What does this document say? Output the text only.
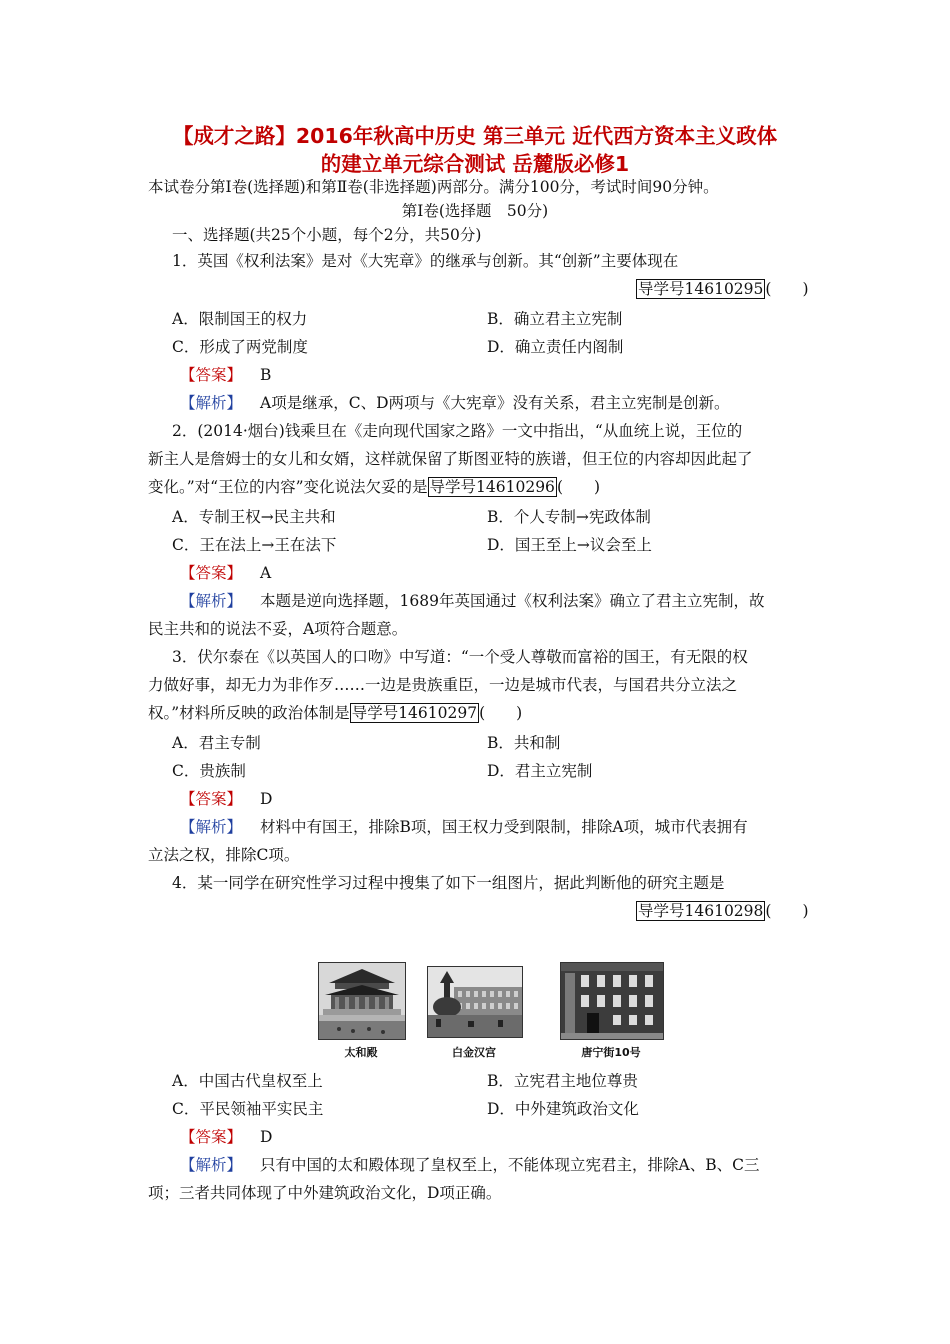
【成才之路】2016年秋高中历史 第三单元 近代西方资本主义政体
的建立单元综合测试 岳麓版必修1
本试卷分第Ⅰ卷(选择题)和第Ⅱ卷(非选择题)两部分。满分100分，考试时间90分钟。
第Ⅰ卷(选择题　50分)
一、选择题(共25个小题，每个2分，共50分)
1．英国《权利法案》是对《大宪章》的继承与创新。其“创新”主要体现在
导学号14610295 (　　)
A．限制国王的权力	B．确立君主立宪制
C．形成了两党制度	D．确立责任内阁制
【答案】 B
【解析】 A项是继承，C、D两项与《大宪章》没有关系，君主立宪制是创新。
2．(2014·烟台)钱乘旦在《走向现代国家之路》一文中指出，“从血统上说，王位的
新主人是詹姆士的女儿和女婿，这样就保留了斯图亚特的族谱，但王位的内容却因此起了
变化。”对“王位的内容”变化说法欠妥的是 导学号14610296 (　　)
A．专制王权→民主共和	B．个人专制→宪政体制
C．王在法上→王在法下	D．国王至上→议会至上
【答案】 A
【解析】 本题是逆向选择题，1689年英国通过《权利法案》确立了君主立宪制，故
民主共和的说法不妥，A项符合题意。
3．伏尔泰在《以英国人的口吻》中写道：“一个受人尊敬而富裕的国王，有无限的权
力做好事，却无力为非作歹……一边是贵族重臣，一边是城市代表，与国君共分立法之
权。”材料所反映的政治体制是 导学号14610297 (　　)
A．君主专制	B．共和制
C．贵族制	D．君主立宪制
【答案】 D
【解析】 材料中有国王，排除B项，国王权力受到限制，排除A项，城市代表拥有
立法之权，排除C项。
4．某一同学在研究性学习过程中搜集了如下一组图片，据此判断他的研究主题是
导学号14610298 (　　)
太和殿	白金汉宫	唐宁街10号
A．中国古代皇权至上	B．立宪君主地位尊贵
C．平民领袖平实民主	D．中外建筑政治文化
【答案】 D
【解析】 只有中国的太和殿体现了皇权至上，不能体现立宪君主，排除A、B、C三
项；三者共同体现了中外建筑政治文化，D项正确。
